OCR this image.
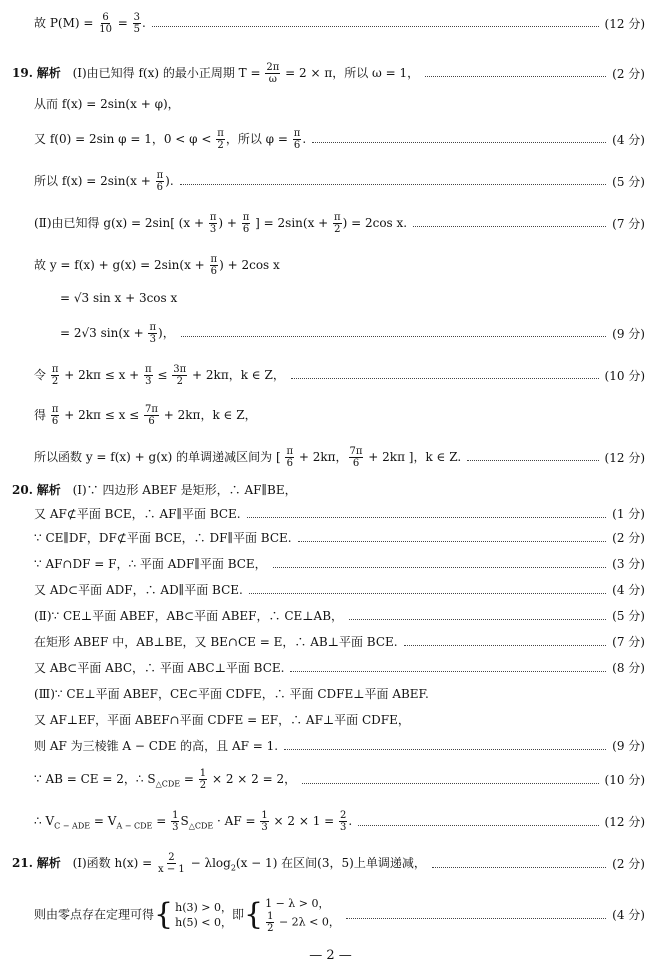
故 $P(M) = \frac{6}{10} = \frac{3}{5}$ .	(12 分)
19. 解析 (Ⅰ)由已知得 f(x) 的最小正周期 $T = \frac{2\pi}{\omega} = 2 \times \pi$，所以 ω = 1，	(2 分)
从而 f(x) = 2sin(x + φ)，
又 f(0) = 2sin φ = 1，$0 < \varphi < \frac{\pi}{2}$ ，所以 $\varphi = \frac{\pi}{6}$ .	(4 分)
所以 $f(x) = 2\sin(x + \frac{\pi}{6}$ ).	(5 分)
(Ⅱ)由已知得 g(x) = 2sin[ ($x + \frac{\pi}{3}$ ) + $\frac{\pi}{6}$ ] = $2\sin(x + \frac{\pi}{2}$ ) = 2cos x.	(7 分)
故 $y = f(x) + g(x) = 2\sin(x + \frac{\pi}{6}$ ) + 2cos x
= √3 sin x + 3cos x
= 2√3 $\sin(x + \frac{\pi}{3}$ )，	(9 分)
令 $\frac{\pi}{2} + 2k\pi \le x + \frac{\pi}{3} \le \frac{3\pi}{2} + 2k\pi$，k ∈ Z，	(10 分)
得 $\frac{\pi}{6} + 2k\pi \le x \le \frac{7\pi}{6} + 2k\pi$，k ∈ Z，
所以函数 y = f(x) + g(x) 的单调递减区间为 [ $\frac{\pi}{6} + 2k\pi$， $\frac{7\pi}{6} + 2k\pi$ ]，k ∈ Z.	(12 分)
20. 解析 (Ⅰ)∵ 四边形 ABEF 是矩形，∴ AF∥BE，
又 AF⊄平面 BCE，∴ AF∥平面 BCE.	(1 分)
∵ CE∥DF，DF⊄平面 BCE，∴ DF∥平面 BCE.	(2 分)
∵ AF∩DF = F，∴ 平面 ADF∥平面 BCE，	(3 分)
又 AD⊂平面 ADF，∴ AD∥平面 BCE.	(4 分)
(Ⅱ)∵ CE⊥平面 ABEF，AB⊂平面 ABEF，∴ CE⊥AB，	(5 分)
在矩形 ABEF 中，AB⊥BE，又 BE∩CE = E，∴ AB⊥平面 BCE.	(7 分)
又 AB⊂平面 ABC，∴ 平面 ABC⊥平面 BCE.	(8 分)
(Ⅲ)∵ CE⊥平面 ABEF，CE⊂平面 CDFE，∴ 平面 CDFE⊥平面 ABEF.
又 AF⊥EF，平面 ABEF∩平面 CDFE = EF，∴ AF⊥平面 CDFE，
则 AF 为三棱锥 A − CDE 的高，且 AF = 1.	(9 分)
∵ AB = CE = 2，∴ $S_{\triangle CDE} = \frac{1}{2} \times 2 \times 2 = 2$，	(10 分)
∴ $V_{C - ADE} = V_{A - CDE} = \frac{1}{3} S_{\triangle CDE}$ · AF = $\frac{1}{3} \times 2 \times 1 = \frac{2}{3}$ .	(12 分)
21. 解析 (Ⅰ)函数 $h(x) = \frac{2}{x - 1} - \lambda\log_2(x - 1)$ 在区间(3，5)上单调递减，	(2 分)
则由零点存在定理可得 { h(3) > 0，
h(5) < 0，
即 { 1 − λ > 0，
$\frac{1}{2} - 2\lambda < 0$，	(4 分)
— 2 —
